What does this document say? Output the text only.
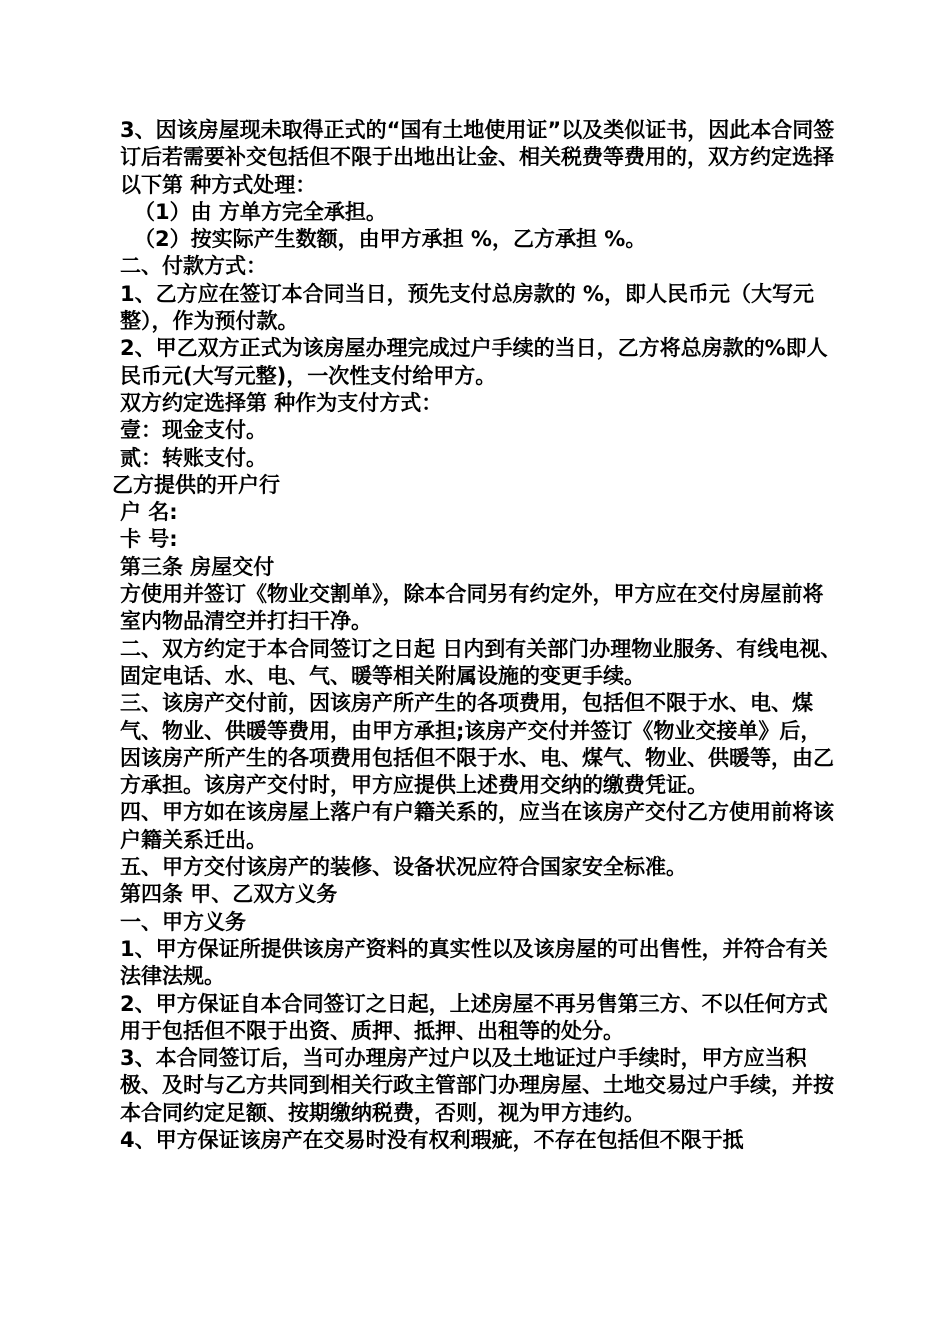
3、因该房屋现未取得正式的“国有土地使用证”以及类似证书，因此本合同签订后若需要补交包括但不限于出地出让金、相关税费等费用的，双方约定选择以下第 种方式处理：

（1）由 方单方完全承担。

（2）按实际产生数额，由甲方承担 %，乙方承担 %。

二、付款方式：

1、乙方应在签订本合同当日，预先支付总房款的 %，即人民币元（大写元整），作为预付款。

2、甲乙双方正式为该房屋办理完成过户手续的当日，乙方将总房款的%即人民币元(大写元整)，一次性支付给甲方。

双方约定选择第 种作为支付方式：

壹：现金支付。

贰：转账支付。

乙方提供的开户行

户 名:

卡 号:

第三条 房屋交付

方使用并签订《物业交割单》，除本合同另有约定外，甲方应在交付房屋前将室内物品清空并打扫干净。

二、双方约定于本合同签订之日起 日内到有关部门办理物业服务、有线电视、固定电话、水、电、气、暖等相关附属设施的变更手续。

三、该房产交付前，因该房产所产生的各项费用，包括但不限于水、电、煤气、物业、供暖等费用，由甲方承担;该房产交付并签订《物业交接单》后，因该房产所产生的各项费用包括但不限于水、电、煤气、物业、供暖等，由乙方承担。该房产交付时，甲方应提供上述费用交纳的缴费凭证。

四、甲方如在该房屋上落户有户籍关系的，应当在该房产交付乙方使用前将该户籍关系迁出。

五、甲方交付该房产的装修、设备状况应符合国家安全标准。

第四条 甲、乙双方义务

一、甲方义务

1、甲方保证所提供该房产资料的真实性以及该房屋的可出售性，并符合有关法律法规。

2、甲方保证自本合同签订之日起，上述房屋不再另售第三方、不以任何方式用于包括但不限于出资、质押、抵押、出租等的处分。

3、本合同签订后，当可办理房产过户以及土地证过户手续时，甲方应当积极、及时与乙方共同到相关行政主管部门办理房屋、土地交易过户手续，并按本合同约定足额、按期缴纳税费，否则，视为甲方违约。

4、甲方保证该房产在交易时没有权利瑕疵，不存在包括但不限于抵
